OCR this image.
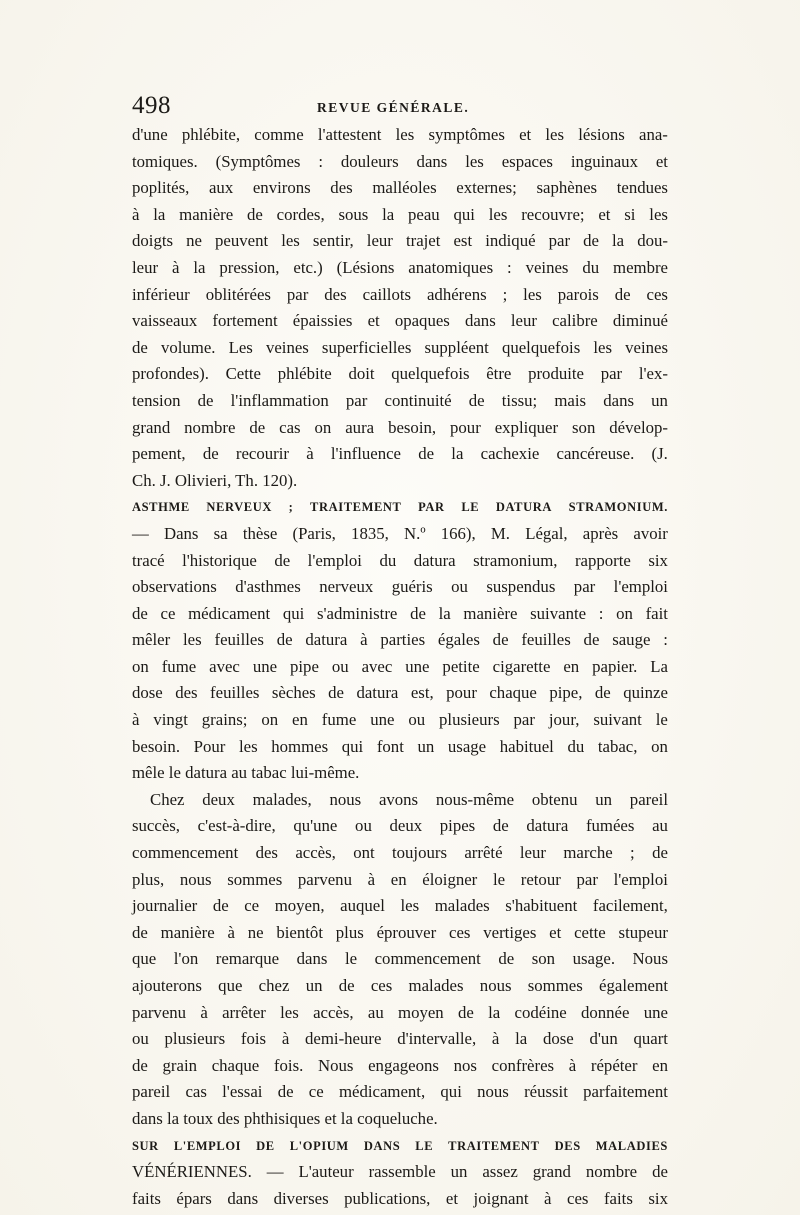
498	REVUE GÉNÉRALE.
d'une phlébite, comme l'attestent les symptômes et les lésions ana-
tomiques. (Symptômes : douleurs dans les espaces inguinaux et
poplités, aux environs des malléoles externes; saphènes tendues
à la manière de cordes, sous la peau qui les recouvre; et si les
doigts ne peuvent les sentir, leur trajet est indiqué par de la dou-
leur à la pression, etc.) (Lésions anatomiques : veines du membre
inférieur oblitérées par des caillots adhérens ; les parois de ces
vaisseaux fortement épaissies et opaques dans leur calibre diminué
de volume. Les veines superficielles suppléent quelquefois les veines
profondes). Cette phlébite doit quelquefois être produite par l'ex-
tension de l'inflammation par continuité de tissu; mais dans un
grand nombre de cas on aura besoin, pour expliquer son dévelop-
pement, de recourir à l'influence de la cachexie cancéreuse. (J.
Ch. J. Olivieri, Th. 120).
ASTHME NERVEUX ; TRAITEMENT PAR LE DATURA STRAMONIUM.
— Dans sa thèse (Paris, 1835, N.º 166), M. Légal, après avoir
tracé l'historique de l'emploi du datura stramonium, rapporte six
observations d'asthmes nerveux guéris ou suspendus par l'emploi
de ce médicament qui s'administre de la manière suivante : on fait
mêler les feuilles de datura à parties égales de feuilles de sauge :
on fume avec une pipe ou avec une petite cigarette en papier. La
dose des feuilles sèches de datura est, pour chaque pipe, de quinze
à vingt grains; on en fume une ou plusieurs par jour, suivant le
besoin. Pour les hommes qui font un usage habituel du tabac, on
mêle le datura au tabac lui-même.
Chez deux malades, nous avons nous-même obtenu un pareil
succès, c'est-à-dire, qu'une ou deux pipes de datura fumées au
commencement des accès, ont toujours arrêté leur marche ; de
plus, nous sommes parvenu à en éloigner le retour par l'emploi
journalier de ce moyen, auquel les malades s'habituent facilement,
de manière à ne bientôt plus éprouver ces vertiges et cette stupeur
que l'on remarque dans le commencement de son usage. Nous
ajouterons que chez un de ces malades nous sommes également
parvenu à arrêter les accès, au moyen de la codéine donnée une
ou plusieurs fois à demi-heure d'intervalle, à la dose d'un quart
de grain chaque fois. Nous engageons nos confrères à répéter en
pareil cas l'essai de ce médicament, qui nous réussit parfaitement
dans la toux des phthisiques et la coqueluche.
SUR L'EMPLOI DE L'OPIUM DANS LE TRAITEMENT DES MALADIES
VÉNÉRIENNES. — L'auteur rassemble un assez grand nombre de
faits épars dans diverses publications, et joignant à ces faits six
